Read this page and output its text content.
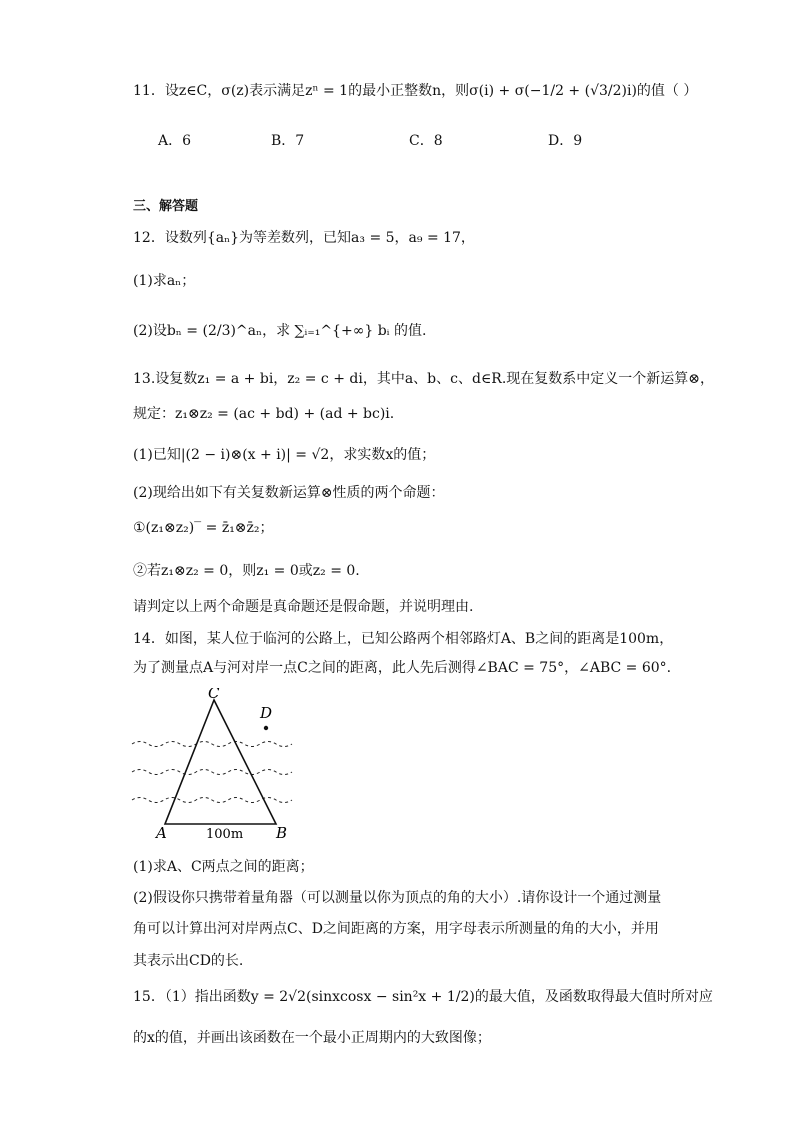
11．设z∈C，σ(z)表示满足zⁿ = 1的最小正整数n，则σ(i) + σ(−1/2 + (√3/2)i)的值（ ）
A．6	B．7	C．8	D．9
三、解答题
12．设数列{aₙ}为等差数列，已知a₃ = 5，a₉ = 17，
(1)求aₙ；
(2)设bₙ = (2/3)^aₙ，求 ∑ᵢ₌₁^{+∞} bᵢ 的值.
13.设复数z₁ = a + bi，z₂ = c + di，其中a、b、c、d∈R.现在复数系中定义一个新运算⊗，
规定：z₁⊗z₂ = (ac + bd) + (ad + bc)i.
(1)已知|(2 − i)⊗(x + i)| = √2，求实数x的值；
(2)现给出如下有关复数新运算⊗性质的两个命题：
①(z₁⊗z₂)‾ = z̄₁⊗z̄₂；
②若z₁⊗z₂ = 0，则z₁ = 0或z₂ = 0.
请判定以上两个命题是真命题还是假命题，并说明理由.
14．如图，某人位于临河的公路上，已知公路两个相邻路灯A、B之间的距离是100m，
为了测量点A与河对岸一点C之间的距离，此人先后测得∠BAC = 75°，∠ABC = 60°.
C
D
A	B
100m
(1)求A、C两点之间的距离；
(2)假设你只携带着量角器（可以测量以你为顶点的角的大小）.请你设计一个通过测量
角可以计算出河对岸两点C、D之间距离的方案，用字母表示所测量的角的大小，并用
其表示出CD的长.
15．（1）指出函数y = 2√2(sinxcosx − sin²x + 1/2)的最大值，及函数取得最大值时所对应
的x的值，并画出该函数在一个最小正周期内的大致图像；
